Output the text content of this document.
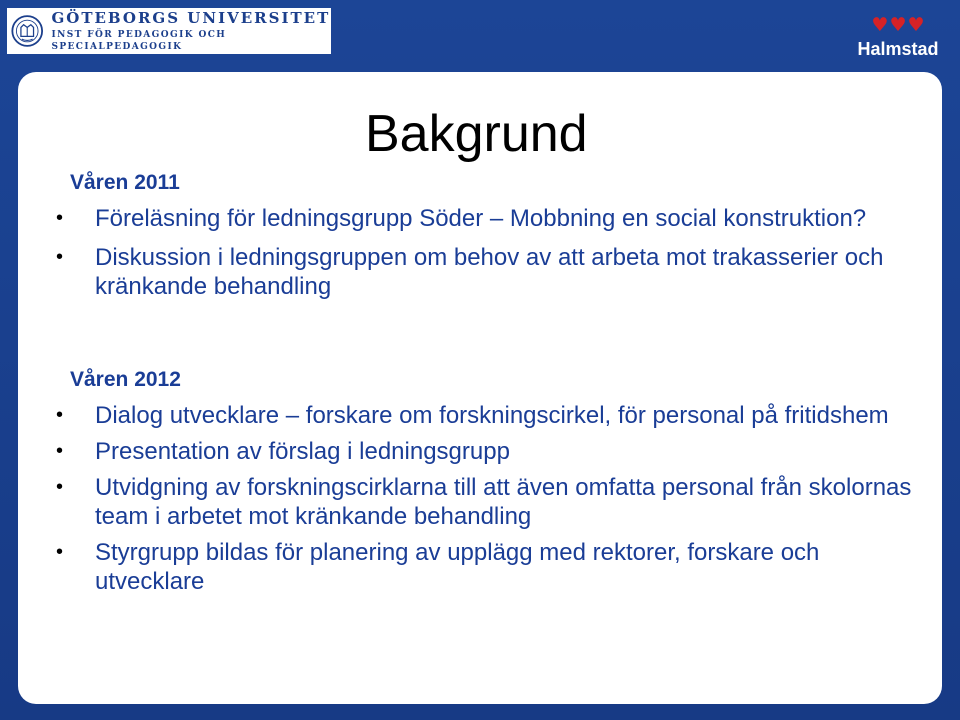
GÖTEBORGS UNIVERSITET
INST FÖR PEDAGOGIK OCH SPECIALPEDAGOGIK
♥ ♥ ♥
Halmstad
Bakgrund
Våren 2011
• Föreläsning för ledningsgrupp Söder – Mobbning en social konstruktion?
• Diskussion i ledningsgruppen om behov av att arbeta mot trakasserier och kränkande behandling
Våren 2012
• Dialog utvecklare – forskare om forskningscirkel, för personal på fritidshem
• Presentation av förslag i ledningsgrupp
• Utvidgning av forskningscirklarna till att även omfatta personal från skolornas team i arbetet mot kränkande behandling
• Styrgrupp bildas för planering av upplägg med rektorer, forskare och utvecklare
